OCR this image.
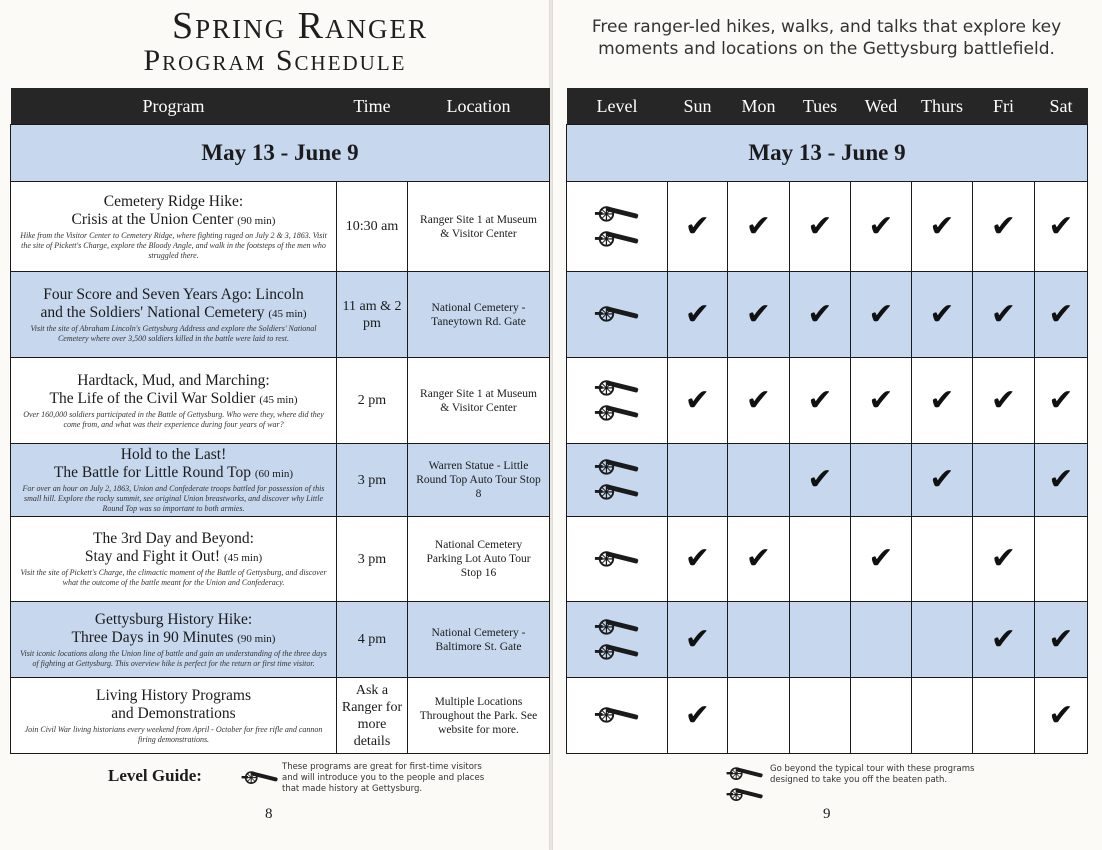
Spring Ranger
Program Schedule
Program	Time	Location
May 13 - June 9		

Cemetery Ridge Hike:
Crisis at the Union Center (90 min)
Hike from the Visitor Center to Cemetery Ridge, where fighting raged on July 2 & 3, 1863. Visit the site of Pickett's Charge, explore the Bloody Angle, and walk in the footsteps of the men who struggled there.	10:30 am	Ranger Site 1 at Museum & Visitor Center

Four Score and Seven Years Ago: Lincoln
and the Soldiers' National Cemetery (45 min)
Visit the site of Abraham Lincoln's Gettysburg Address and explore the Soldiers' National Cemetery where over 3,500 soldiers killed in the battle were laid to rest.	11 am & 2 pm	National Cemetery - Taneytown Rd. Gate

Hardtack, Mud, and Marching:
The Life of the Civil War Soldier (45 min)
Over 160,000 soldiers participated in the Battle of Gettysburg. Who were they, where did they come from, and what was their experience during four years of war?	2 pm	Ranger Site 1 at Museum & Visitor Center

Hold to the Last!
The Battle for Little Round Top (60 min)
For over an hour on July 2, 1863, Union and Confederate troops battled for possession of this small hill. Explore the rocky summit, see original Union breastworks, and discover why Little Round Top was so important to both armies.	3 pm	Warren Statue - Little Round Top Auto Tour Stop 8

The 3rd Day and Beyond:
Stay and Fight it Out! (45 min)
Visit the site of Pickett's Charge, the climactic moment of the Battle of Gettysburg, and discover what the outcome of the battle meant for the Union and Confederacy.	3 pm	National Cemetery Parking Lot Auto Tour Stop 16

Gettysburg History Hike:
Three Days in 90 Minutes (90 min)
Visit iconic locations along the Union line of battle and gain an understanding of the three days of fighting at Gettysburg. This overview hike is perfect for the return or first time visitor.	4 pm	National Cemetery - Baltimore St. Gate

Living History Programs
and Demonstrations
Join Civil War living historians every weekend from April - October for free rifle and cannon firing demonstrations.	Ask a Ranger for more details	Multiple Locations Throughout the Park. See website for more.
Level Guide:	These programs are great for first-time visitors and will introduce you to the people and places that made history at Gettysburg.
8
Free ranger-led hikes, walks, and talks that explore key moments and locations on the Gettysburg battlefield.
Level	Sun	Mon	Tues	Wed	Thurs	Fri	Sat
May 13 - June 9							

	✔	✔	✔	✔	✔	✔	✔

	✔	✔	✔	✔	✔	✔	✔

	✔	✔	✔	✔	✔	✔	✔

			✔		✔		✔

	✔	✔		✔		✔	

	✔					✔	✔

	✔						✔
Go beyond the typical tour with these programs designed to take you off the beaten path.
9
